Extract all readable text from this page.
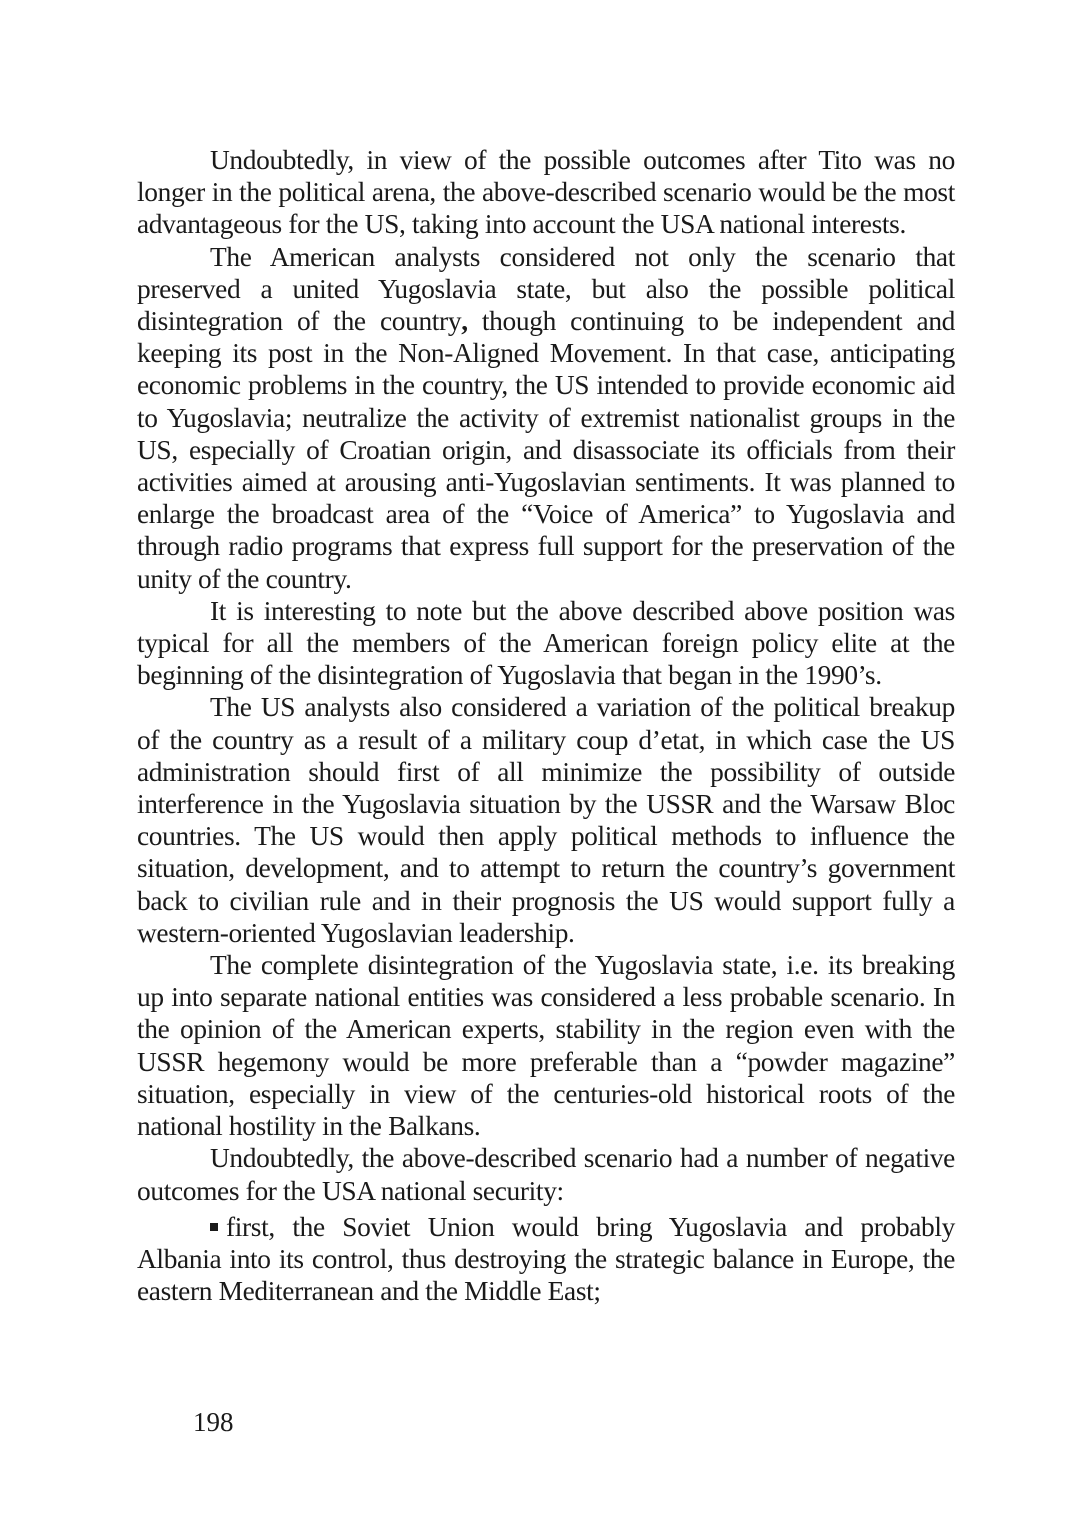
Undoubtedly, in view of the possible outcomes after Tito was no longer in the political arena, the above-described scenario would be the most advantageous for the US, taking into account the USA national interests.

The American analysts considered not only the scenario that preserved a united Yugoslavia state, but also the possible political disintegration of the country, though continuing to be independent and keeping its post in the Non-Aligned Movement. In that case, anticipating economic problems in the country, the US intended to provide economic aid to Yugoslavia; neutralize the activity of extremist nationalist groups in the US, especially of Croatian origin, and disassociate its officials from their activities aimed at arousing anti-Yugoslavian sentiments. It was planned to enlarge the broadcast area of the “Voice of America” to Yugoslavia and through radio programs that express full support for the preservation of the unity of the country.

It is interesting to note but the above described above position was typical for all the members of the American foreign policy elite at the beginning of the disintegration of Yugoslavia that began in the 1990’s.

The US analysts also considered a variation of the political breakup of the country as a result of a military coup d’etat, in which case the US administration should first of all minimize the possibility of outside interference in the Yugoslavia situation by the USSR and the Warsaw Bloc countries. The US would then apply political methods to influence the situation, development, and to attempt to return the country’s government back to civilian rule and in their prognosis the US would support fully a western-oriented Yugoslavian leadership.

The complete disintegration of the Yugoslavia state, i.e. its breaking up into separate national entities was considered a less probable scenario. In the opinion of the American experts, stability in the region even with the USSR hegemony would be more preferable than a “powder magazine” situation, especially in view of the centuries-old historical roots of the national hostility in the Balkans.

Undoubtedly, the above-described scenario had a number of negative outcomes for the USA national security:

first, the Soviet Union would bring Yugoslavia and probably Albania into its control, thus destroying the strategic balance in Europe, the eastern Mediterranean and the Middle East;

198
